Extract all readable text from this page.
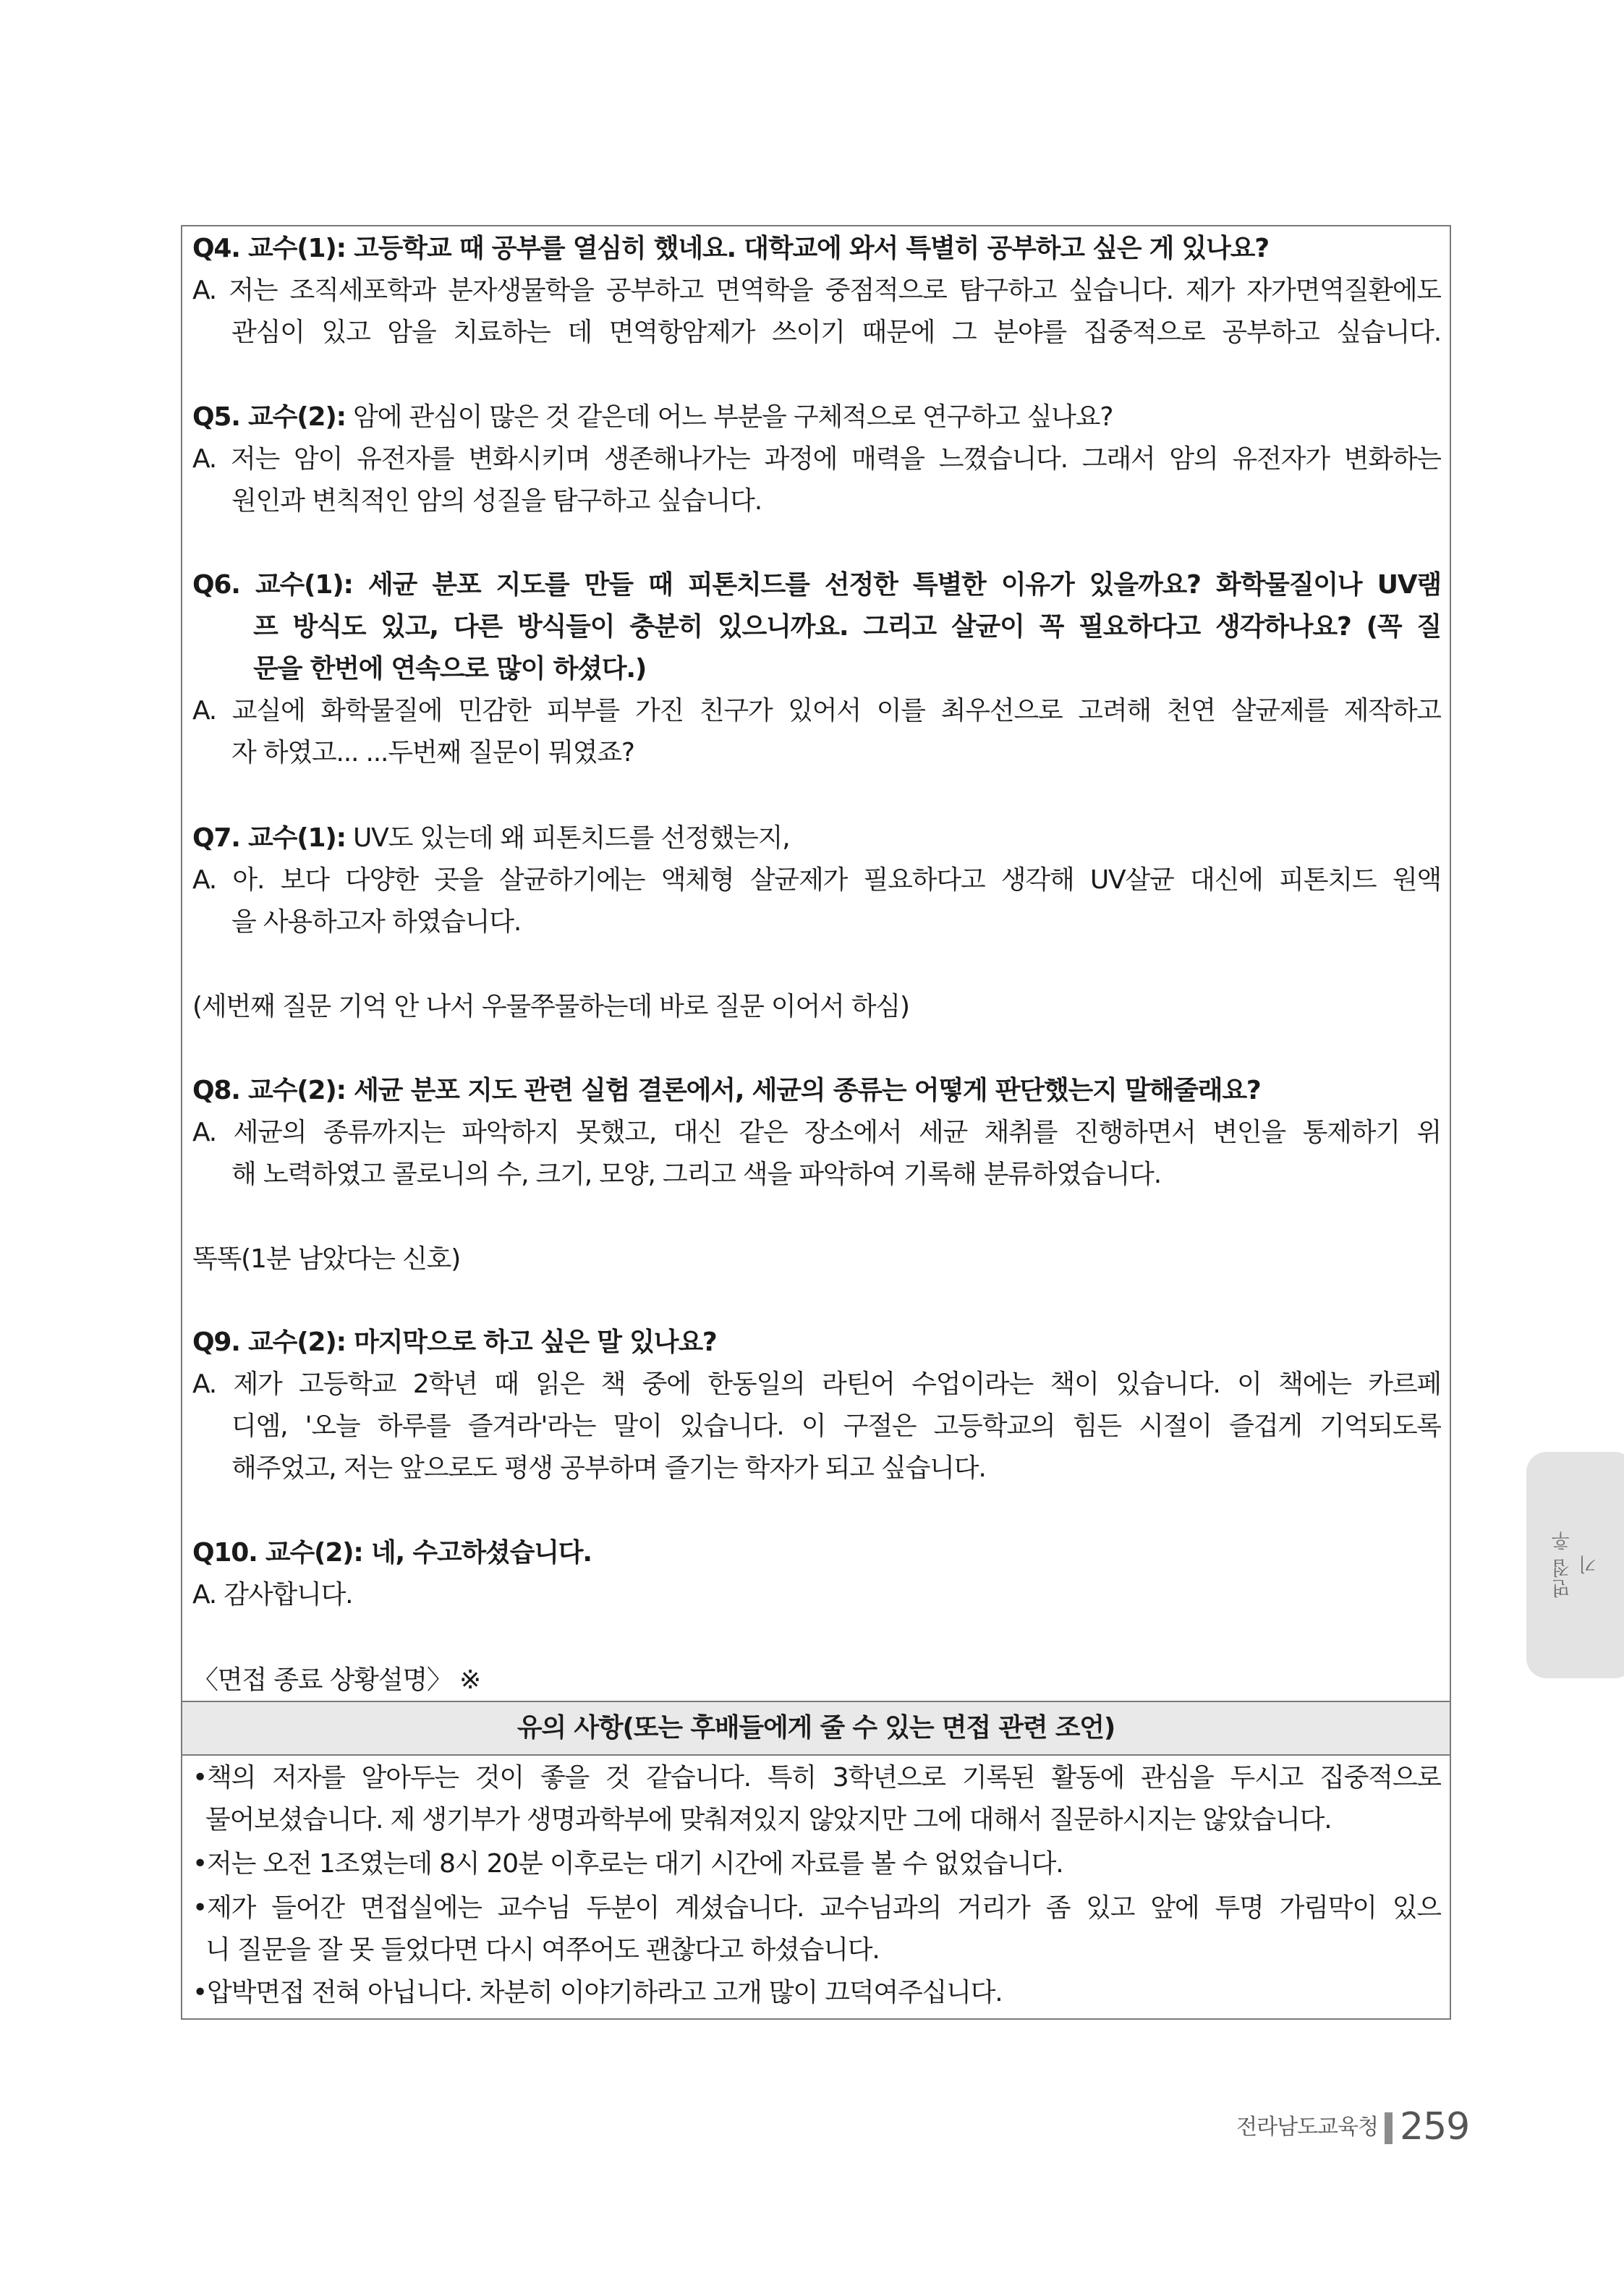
Q4. 교수(1): 고등학교 때 공부를 열심히 했네요. 대학교에 와서 특별히 공부하고 싶은 게 있나요?
A. 저는 조직세포학과 분자생물학을 공부하고 면역학을 중점적으로 탐구하고 싶습니다. 제가 자가면역질환에도
관심이 있고 암을 치료하는 데 면역항암제가 쓰이기 때문에 그 분야를 집중적으로 공부하고 싶습니다.
Q5. 교수(2): 암에 관심이 많은 것 같은데 어느 부분을 구체적으로 연구하고 싶나요?
A. 저는 암이 유전자를 변화시키며 생존해나가는 과정에 매력을 느꼈습니다. 그래서 암의 유전자가 변화하는
원인과 변칙적인 암의 성질을 탐구하고 싶습니다.
Q6. 교수(1): 세균 분포 지도를 만들 때 피톤치드를 선정한 특별한 이유가 있을까요? 화학물질이나 UV램
프 방식도 있고, 다른 방식들이 충분히 있으니까요. 그리고 살균이 꼭 필요하다고 생각하나요? (꼭 질
문을 한번에 연속으로 많이 하셨다.)
A. 교실에 화학물질에 민감한 피부를 가진 친구가 있어서 이를 최우선으로 고려해 천연 살균제를 제작하고
자 하였고... ...두번째 질문이 뭐였죠?
Q7. 교수(1): UV도 있는데 왜 피톤치드를 선정했는지,
A. 아. 보다 다양한 곳을 살균하기에는 액체형 살균제가 필요하다고 생각해 UV살균 대신에 피톤치드 원액
을 사용하고자 하였습니다.
(세번째 질문 기억 안 나서 우물쭈물하는데 바로 질문 이어서 하심)
Q8. 교수(2): 세균 분포 지도 관련 실험 결론에서, 세균의 종류는 어떻게 판단했는지 말해줄래요?
A. 세균의 종류까지는 파악하지 못했고, 대신 같은 장소에서 세균 채취를 진행하면서 변인을 통제하기 위
해 노력하였고 콜로니의 수, 크기, 모양, 그리고 색을 파악하여 기록해 분류하였습니다.
똑똑(1분 남았다는 신호)
Q9. 교수(2): 마지막으로 하고 싶은 말 있나요?
A. 제가 고등학교 2학년 때 읽은 책 중에 한동일의 라틴어 수업이라는 책이 있습니다. 이 책에는 카르페
디엠, '오늘 하루를 즐겨라'라는 말이 있습니다. 이 구절은 고등학교의 힘든 시절이 즐겁게 기억되도록
해주었고, 저는 앞으로도 평생 공부하며 즐기는 학자가 되고 싶습니다.
Q10. 교수(2): 네, 수고하셨습니다.
A. 감사합니다.
〈면접 종료 상황설명〉 ※
유의 사항(또는 후배들에게 줄 수 있는 면접 관련 조언)
•책의 저자를 알아두는 것이 좋을 것 같습니다. 특히 3학년으로 기록된 활동에 관심을 두시고 집중적으로
물어보셨습니다. 제 생기부가 생명과학부에 맞춰져있지 않았지만 그에 대해서 질문하시지는 않았습니다.
•저는 오전 1조였는데 8시 20분 이후로는 대기 시간에 자료를 볼 수 없었습니다.
•제가 들어간 면접실에는 교수님 두분이 계셨습니다. 교수님과의 거리가 좀 있고 앞에 투명 가림막이 있으
니 질문을 잘 못 들었다면 다시 여쭈어도 괜찮다고 하셨습니다.
•압박면접 전혀 아닙니다. 차분히 이야기하라고 고개 많이 끄덕여주십니다.
면접 후기
전라남도교육청 259
